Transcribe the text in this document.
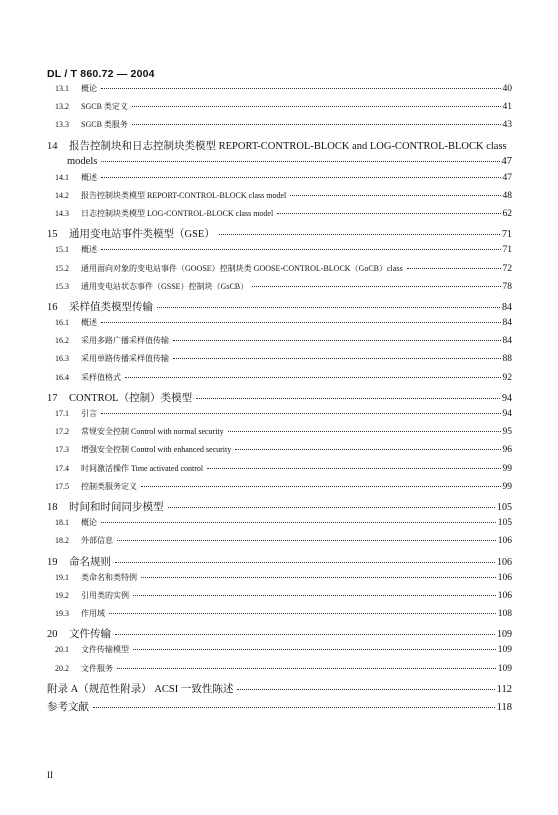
DL / T 860.72 — 2004
13.1	概论	40
13.2	SGCB 类定义	41
13.3	SGCB 类服务	43
14	报告控制块和日志控制块类模型 REPORT-CONTROL-BLOCK and LOG-CONTROL-BLOCK class
models	47
14.1	概述	47
14.2	报告控制块类模型 REPORT-CONTROL-BLOCK class model	48
14.3	日志控制块类模型 LOG-CONTROL-BLOCK class model	62
15	通用变电站事件类模型（GSE）	71
15.1	概述	71
15.2	通用面向对象的变电站事件（GOOSE）控制块类 GOOSE-CONTROL-BLOCK（GoCB）class	72
15.3	通用变电站状态事件（GSSE）控制块（GsCB）	78
16	采样值类模型传输	84
16.1	概述	84
16.2	采用多路广播采样值传输	84
16.3	采用单路传播采样值传输	88
16.4	采样值格式	92
17	CONTROL（控制）类模型	94
17.1	引言	94
17.2	常规安全控制 Control with normal security	95
17.3	增强安全控制 Control with enhanced security	96
17.4	时间激活操作 Time activated control	99
17.5	控制类服务定义	99
18	时间和时间同步模型	105
18.1	概论	105
18.2	外部信息	106
19	命名规则	106
19.1	类命名和类特例	106
19.2	引用类的实例	106
19.3	作用域	108
20	文件传输	109
20.1	文件传输模型	109
20.2	文件服务	109
附录 A（规范性附录） ACSI 一致性陈述	112
参考文献	118
II
